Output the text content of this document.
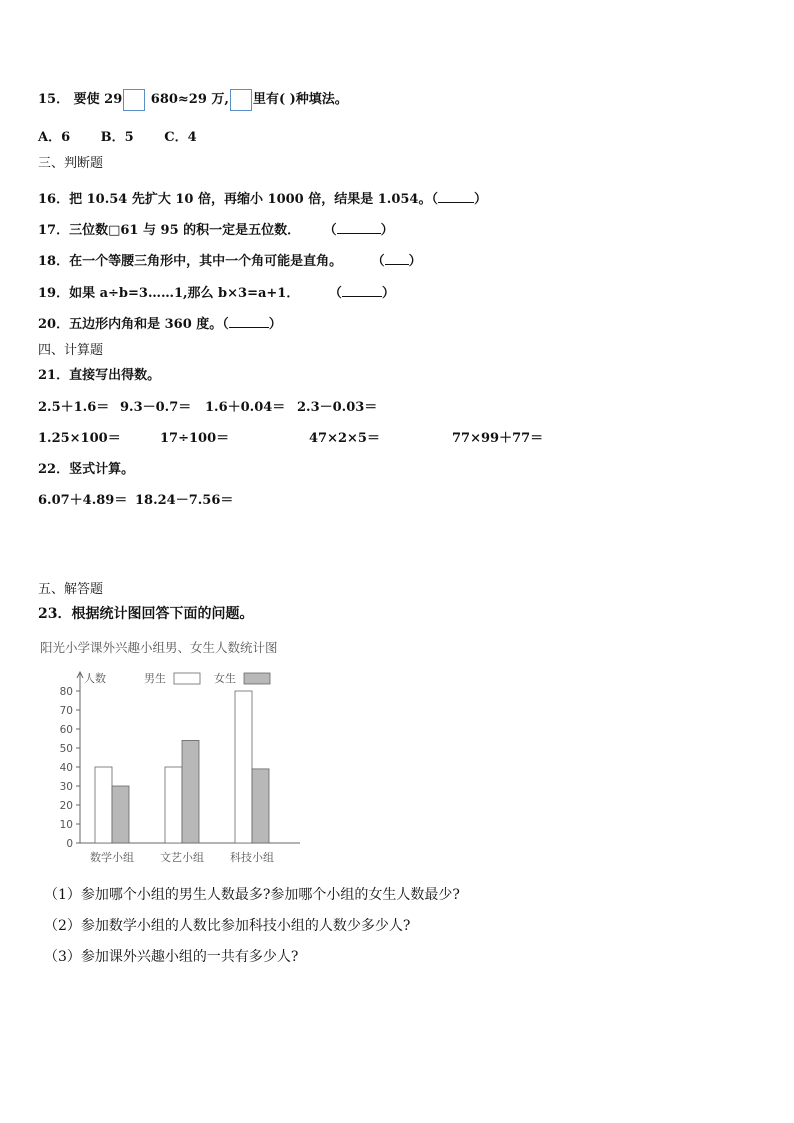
15． 要使 29 680≈29 万, 里有( )种填法。
A．6 B．5 C．4
三、判断题
16．把 10.54 先扩大 10 倍，再缩小 1000 倍，结果是 1.054。（	）
17．三位数□61 与 95 的积一定是五位数． （	）
18．在一个等腰三角形中，其中一个角可能是直角。	（ ）
19．如果 a÷b=3……1,那么 b×3=a+1．	（	）
20．五边形内角和是 360 度。（	）
四、计算题
21．直接写出得数。
2.5＋1.6＝ 9.3－0.7＝ 1.6＋0.04＝ 2.3－0.03＝
1.25×100＝	17÷100＝	47×2×5＝	77×99＋77＝
22．竖式计算。
6.07＋4.89＝ 18.24－7.56＝
五、解答题
23．根据统计图回答下面的问题。
阳光小学课外兴趣小组男、女生人数统计图
人数	男生	女生
0
10
20
30
40
50
60
70
80
数学小组 文艺小组 科技小组
（1）参加哪个小组的男生人数最多?参加哪个小组的女生人数最少?
（2）参加数学小组的人数比参加科技小组的人数少多少人?
（3）参加课外兴趣小组的一共有多少人?
